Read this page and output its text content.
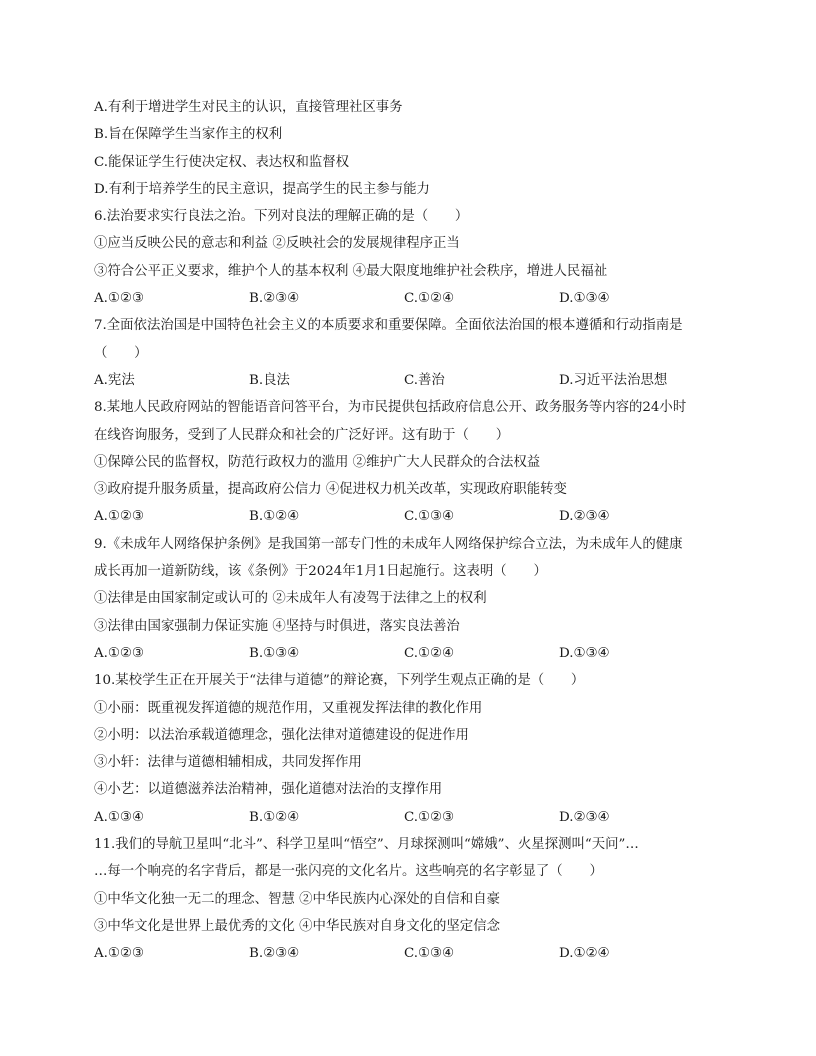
A.有利于增进学生对民主的认识，直接管理社区事务
B.旨在保障学生当家作主的权利
C.能保证学生行使决定权、表达权和监督权
D.有利于培养学生的民主意识，提高学生的民主参与能力
6.法治要求实行良法之治。下列对良法的理解正确的是（　　）
①应当反映公民的意志和利益 ②反映社会的发展规律程序正当
③符合公平正义要求，维护个人的基本权利 ④最大限度地维护社会秩序，增进人民福祉
A.①②③	B.②③④	C.①②④	D.①③④
7.全面依法治国是中国特色社会主义的本质要求和重要保障。全面依法治国的根本遵循和行动指南是
（　　）
A.宪法	B.良法	C.善治	D.习近平法治思想
8.某地人民政府网站的智能语音问答平台，为市民提供包括政府信息公开、政务服务等内容的24小时
在线咨询服务，受到了人民群众和社会的广泛好评。这有助于（　　）
①保障公民的监督权，防范行政权力的滥用 ②维护广大人民群众的合法权益
③政府提升服务质量，提高政府公信力 ④促进权力机关改革，实现政府职能转变
A.①②③	B.①②④	C.①③④	D.②③④
9.《未成年人网络保护条例》是我国第一部专门性的未成年人网络保护综合立法，为未成年人的健康
成长再加一道新防线，该《条例》于2024年1月1日起施行。这表明（　　）
①法律是由国家制定或认可的 ②未成年人有凌驾于法律之上的权利
③法律由国家强制力保证实施 ④坚持与时俱进，落实良法善治
A.①②③	B.①③④	C.①②④	D.①③④
10.某校学生正在开展关于“法律与道德”的辩论赛，下列学生观点正确的是（　　）
①小丽：既重视发挥道德的规范作用，又重视发挥法律的教化作用
②小明：以法治承载道德理念，强化法律对道德建设的促进作用
③小轩：法律与道德相辅相成，共同发挥作用
④小艺：以道德滋养法治精神，强化道德对法治的支撑作用
A.①③④	B.①②④	C.①②③	D.②③④
11.我们的导航卫星叫“北斗”、科学卫星叫“悟空”、月球探测叫“嫦娥”、火星探测叫“天问”…
…每一个响亮的名字背后，都是一张闪亮的文化名片。这些响亮的名字彰显了（　　）
①中华文化独一无二的理念、智慧 ②中华民族内心深处的自信和自豪
③中华文化是世界上最优秀的文化 ④中华民族对自身文化的坚定信念
A.①②③	B.②③④	C.①③④	D.①②④
